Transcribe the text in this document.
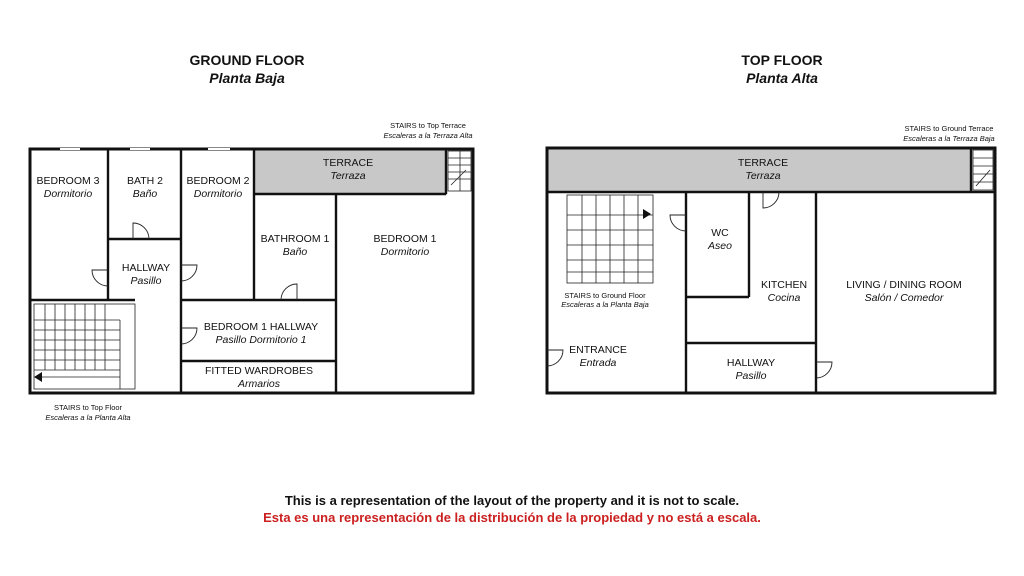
GROUND FLOOR
Planta Baja
BEDROOM 3
Dormitorio
BATH 2
Baño
BEDROOM 2
Dormitorio
TERRACE
Terraza
HALLWAY
Pasillo
BATHROOM 1
Baño
BEDROOM 1
Dormitorio
BEDROOM 1 HALLWAY
Pasillo Dormitorio 1
FITTED WARDROBES
Armarios
STAIRS to Top Terrace
Escaleras a la Terraza Alta
STAIRS to Top Floor
Escaleras a la Planta Alta
TOP FLOOR
Planta Alta
TERRACE
Terraza
WC
Aseo
KITCHEN
Cocina
LIVING / DINING ROOM
Salón / Comedor
ENTRANCE
Entrada	HALLWAY
Pasillo
STAIRS to Ground Terrace
Escaleras a la Terraza Baja
STAIRS to Ground Floor
Escaleras a la Planta Baja
This is a representation of the layout of the property and it is not to scale.
Esta es una representación de la distribución de la propiedad y no está a escala.
